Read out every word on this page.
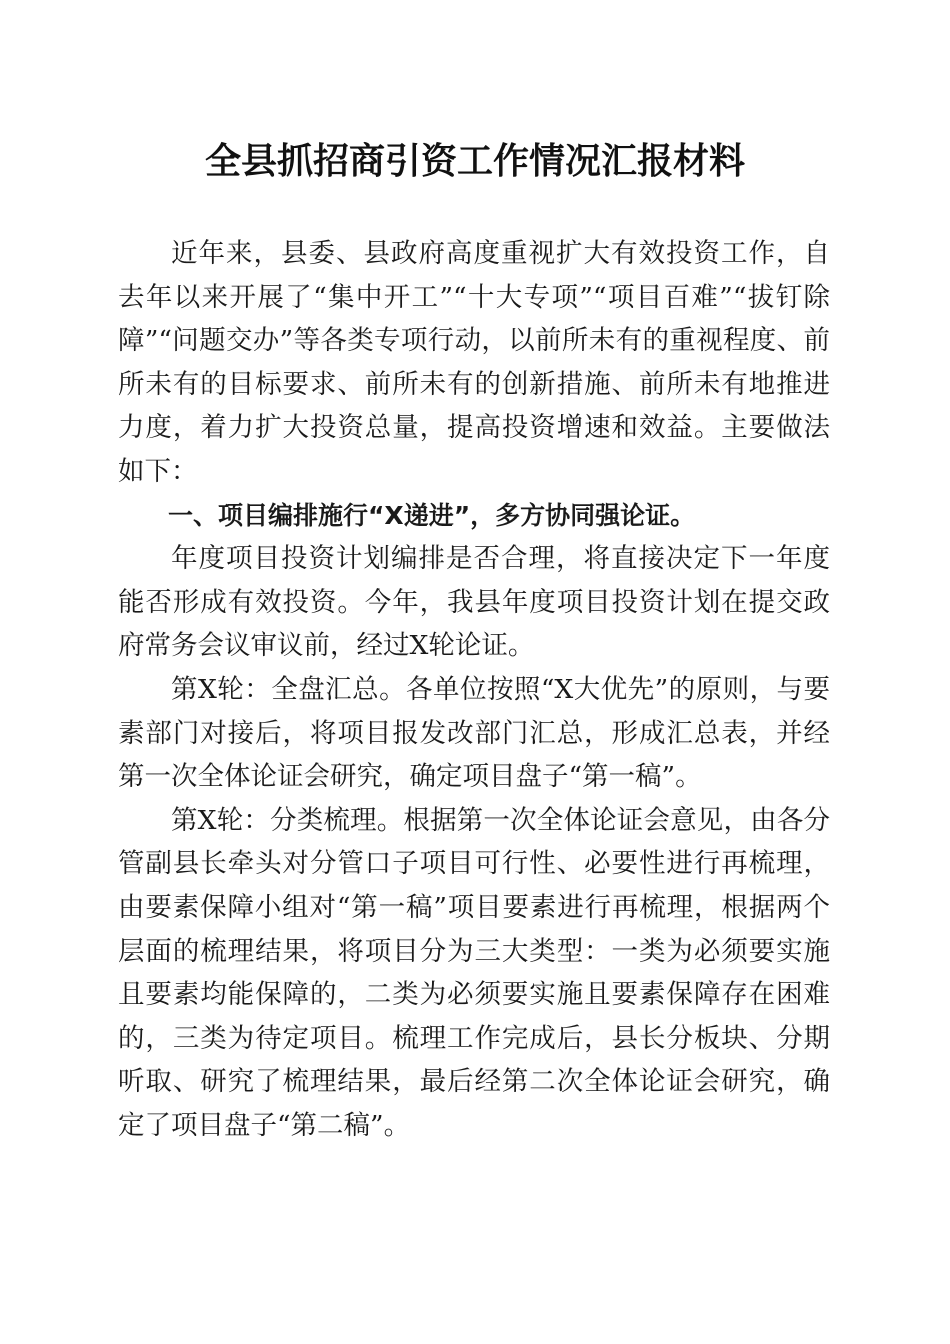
全县抓招商引资工作情况汇报材料

近年来，县委、县政府高度重视扩大有效投资工作，自去年以来开展了“集中开工”“十大专项”“项目百难”“拔钉除障”“问题交办”等各类专项行动，以前所未有的重视程度、前所未有的目标要求、前所未有的创新措施、前所未有地推进力度，着力扩大投资总量，提高投资增速和效益。主要做法如下：

一、项目编排施行“X递进”，多方协同强论证。

年度项目投资计划编排是否合理，将直接决定下一年度能否形成有效投资。今年，我县年度项目投资计划在提交政府常务会议审议前，经过X轮论证。

第X轮：全盘汇总。各单位按照“X大优先”的原则，与要素部门对接后，将项目报发改部门汇总，形成汇总表，并经第一次全体论证会研究，确定项目盘子“第一稿”。

第X轮：分类梳理。根据第一次全体论证会意见，由各分管副县长牵头对分管口子项目可行性、必要性进行再梳理，由要素保障小组对“第一稿”项目要素进行再梳理，根据两个层面的梳理结果，将项目分为三大类型：一类为必须要实施且要素均能保障的，二类为必须要实施且要素保障存在困难的，三类为待定项目。梳理工作完成后，县长分板块、分期听取、研究了梳理结果，最后经第二次全体论证会研究，确定了项目盘子“第二稿”。
